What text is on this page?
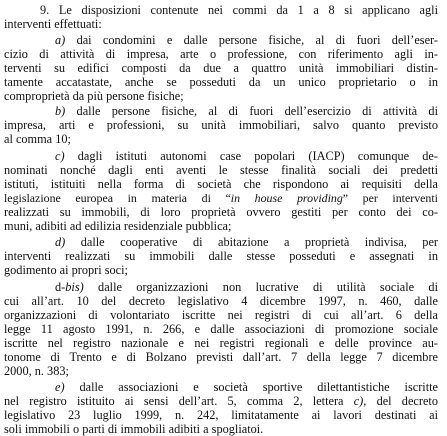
9. Le disposizioni contenute nei commi da 1 a 8 si applicano agli
interventi effettuati:
a) dai condomini e dalle persone fisiche, al di fuori dell’eser-
cizio di attività di impresa, arte o professione, con riferimento agli in-
terventi su edifici composti da due a quattro unità immobiliari distin-
tamente accatastate, anche se posseduti da un unico proprietario o in
comproprietà da più persone fisiche;
b) dalle persone fisiche, al di fuori dell’esercizio di attività di
impresa, arti e professioni, su unità immobiliari, salvo quanto previsto
al comma 10;
c) dagli istituti autonomi case popolari (IACP) comunque de-
nominati nonché dagli enti aventi le stesse finalità sociali dei predetti
istituti, istituiti nella forma di società che rispondono ai requisiti della
legislazione europea in materia di “in house providing” per interventi
realizzati su immobili, di loro proprietà ovvero gestiti per conto dei co-
muni, adibiti ad edilizia residenziale pubblica;
d) dalle cooperative di abitazione a proprietà indivisa, per
interventi realizzati su immobili dalle stesse posseduti e assegnati in
godimento ai propri soci;
d-bis) dalle organizzazioni non lucrative di utilità sociale di
cui all’art. 10 del decreto legislativo 4 dicembre 1997, n. 460, dalle
organizzazioni di volontariato iscritte nei registri di cui all’art. 6 della
legge 11 agosto 1991, n. 266, e dalle associazioni di promozione sociale
iscritte nel registro nazionale e nei registri regionali e delle province au-
tonome di Trento e di Bolzano previsti dall’art. 7 della legge 7 dicembre
2000, n. 383;
e) dalle associazioni e società sportive dilettantistiche iscritte
nel registro istituito ai sensi dell’art. 5, comma 2, lettera c), del decreto
legislativo 23 luglio 1999, n. 242, limitatamente ai lavori destinati ai
soli immobili o parti di immobili adibiti a spogliatoi.
